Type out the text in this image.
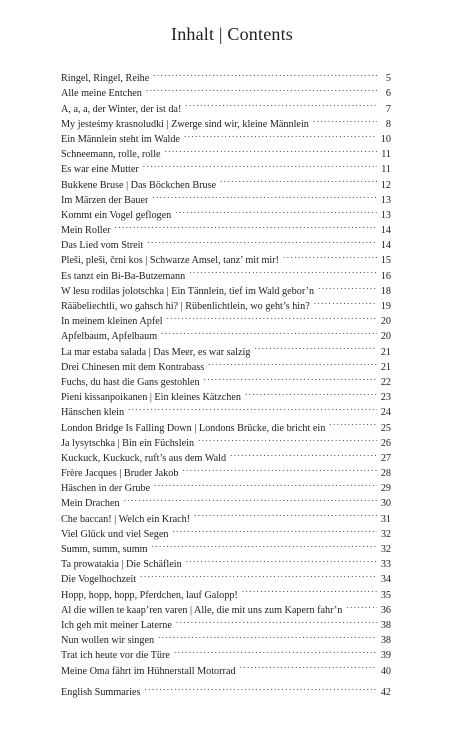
Inhalt | Contents
Ringel, Ringel, Reihe . . .	5
Alle meine Entchen . . .	6
A, a, a, der Winter, der ist da! . . .	7
My jesteśmy krasnoludki | Zwerge sind wir, kleine Männlein . . .	8
Ein Männlein steht im Walde . . .	10
Schneemann, rolle, rolle . . .	11
Es war eine Mutter . . .	11
Bukkene Bruse | Das Böckchen Bruse . . .	12
Im Märzen der Bauer . . .	13
Kommt ein Vogel geflogen . . .	13
Mein Roller . . .	14
Das Lied vom Streit . . .	14
Pleši, pleši, črni kos | Schwarze Amsel, tanz’ mit mir! . . .	15
Es tanzt ein Bi-Ba-Butzemann . . .	16
W lesu rodilas jolotschka | Ein Tännlein, tief im Wald gebor’n . . .	18
Rääbeliechtli, wo gahsch hi? | Rübenlichtlein, wo geht’s hin? . . .	19
In meinem kleinen Apfel . . .	20
Apfelbaum, Apfelbaum . . .	20
La mar estaba salada | Das Meer, es war salzig . . .	21
Drei Chinesen mit dem Kontrabass . . .	21
Fuchs, du hast die Gans gestohlen . . .	22
Pieni kissanpoikanen | Ein kleines Kätzchen . . .	23
Hänschen klein . . .	24
London Bridge Is Falling Down | Londons Brücke, die bricht ein . . .	25
Ja lysytschka | Bin ein Füchslein . . .	26
Kuckuck, Kuckuck, ruft’s aus dem Wald . . .	27
Frère Jacques | Bruder Jakob . . .	28
Häschen in der Grube . . .	29
Mein Drachen . . .	30
Che baccan! | Welch ein Krach! . . .	31
Viel Glück und viel Segen . . .	32
Summ, summ, summ . . .	32
Ta prowatakia | Die Schäflein . . .	33
Die Vogelhochzeit . . .	34
Hopp, hopp, hopp, Pferdchen, lauf Galopp! . . .	35
Al die willen te kaap’ren varen | Alle, die mit uns zum Kapern fahr’n . . .	36
Ich geh mit meiner Laterne . . .	38
Nun wollen wir singen . . .	38
Trat ich heute vor die Türe . . .	39
Meine Oma fährt im Hühnerstall Motorrad . . .	40
English Summaries . . .	42
